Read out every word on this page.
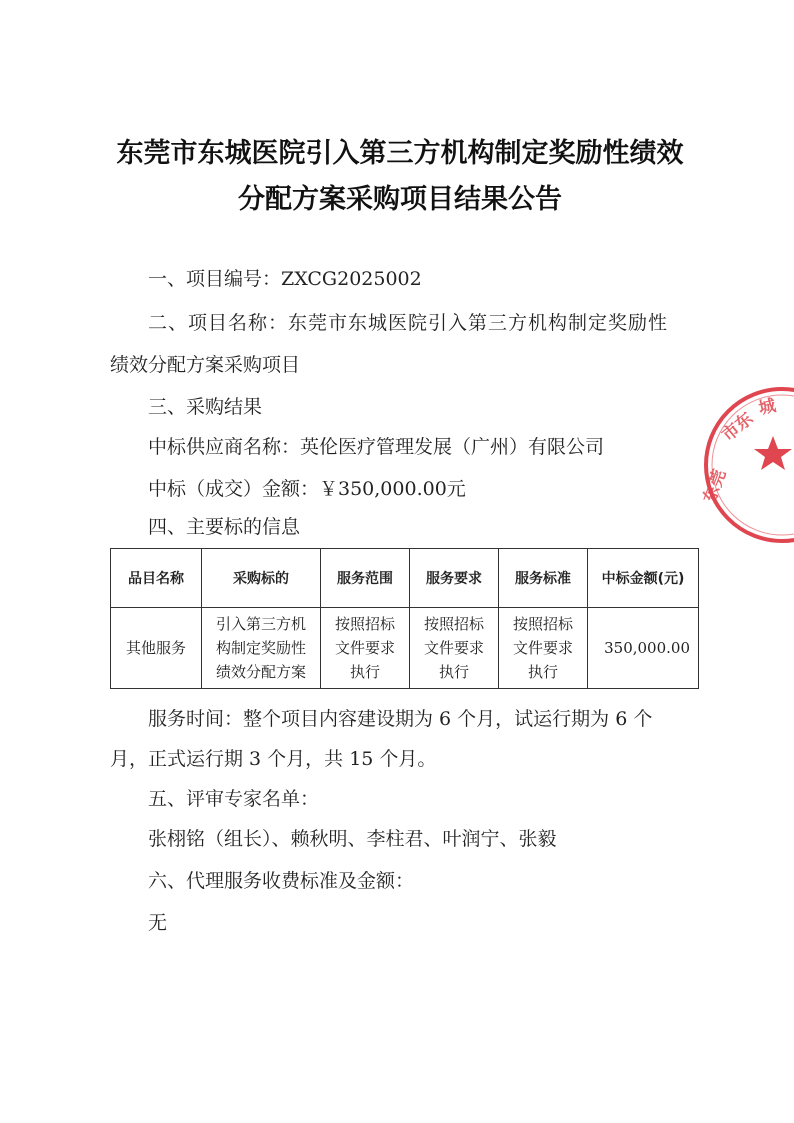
东莞市东城医院引入第三方机构制定奖励性绩效
分配方案采购项目结果公告
一、项目编号：ZXCG2025002
二、项目名称：东莞市东城医院引入第三方机构制定奖励性
绩效分配方案采购项目
三、采购结果
中标供应商名称：英伦医疗管理发展（广州）有限公司
中标（成交）金额：￥350,000.00元
四、主要标的信息
品目名称	采购标的	服务范围	服务要求	服务标准	中标金额(元)
其他服务	引入第三方机构制定奖励性绩效分配方案	按照招标文件要求执行	按照招标文件要求执行	按照招标文件要求执行	350,000.00
服务时间：整个项目内容建设期为 6 个月，试运行期为 6 个
月，正式运行期 3 个月，共 15 个月。
五、评审专家名单：
张栩铭（组长）、赖秋明、李柱君、叶润宁、张毅
六、代理服务收费标准及金额：
无
东莞
市东
城
